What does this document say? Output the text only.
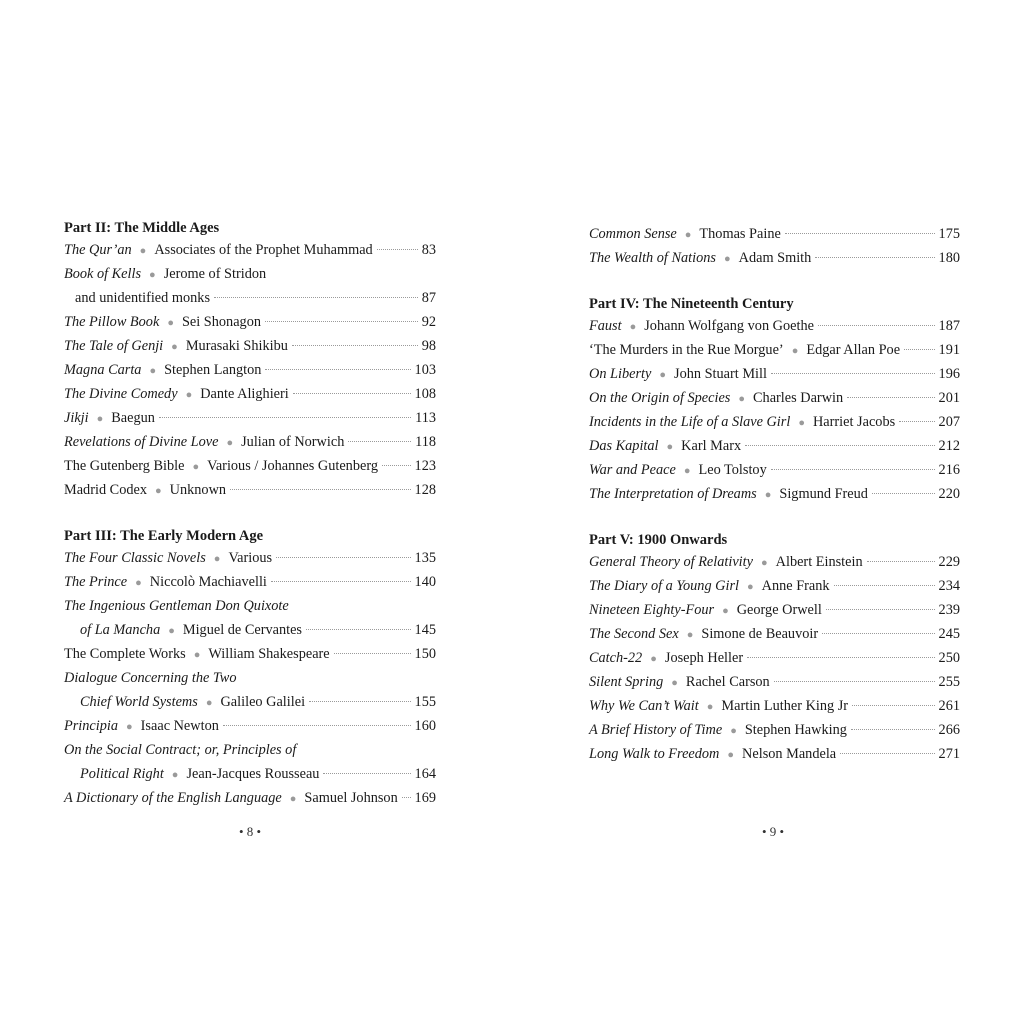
Part II: The Middle Ages
The Qur’an ● Associates of the Prophet Muhammad	83
Book of Kells ● Jerome of Stridon
and unidentified monks	87
The Pillow Book ● Sei Shonagon	92
The Tale of Genji ● Murasaki Shikibu	98
Magna Carta ● Stephen Langton	103
The Divine Comedy ● Dante Alighieri	108
Jikji ● Baegun	113
Revelations of Divine Love ● Julian of Norwich	118
The Gutenberg Bible ● Various / Johannes Gutenberg	123
Madrid Codex ● Unknown	128
Part III: The Early Modern Age
The Four Classic Novels ● Various	135
The Prince ● Niccolò Machiavelli	140
The Ingenious Gentleman Don Quixote
of La Mancha ● Miguel de Cervantes	145
The Complete Works ● William Shakespeare	150
Dialogue Concerning the Two
Chief World Systems ● Galileo Galilei	155
Principia ● Isaac Newton	160
On the Social Contract; or, Principles of
Political Right ● Jean-Jacques Rousseau	164
A Dictionary of the English Language ● Samuel Johnson 169
Common Sense ● Thomas Paine	175
The Wealth of Nations ● Adam Smith	180
Part IV: The Nineteenth Century
Faust ● Johann Wolfgang von Goethe	187
‘The Murders in the Rue Morgue’ ● Edgar Allan Poe	191
On Liberty ● John Stuart Mill	196
On the Origin of Species ● Charles Darwin	201
Incidents in the Life of a Slave Girl ● Harriet Jacobs	207
Das Kapital ● Karl Marx	212
War and Peace ● Leo Tolstoy	216
The Interpretation of Dreams ● Sigmund Freud	220
Part V: 1900 Onwards
General Theory of Relativity ● Albert Einstein	229
The Diary of a Young Girl ● Anne Frank	234
Nineteen Eighty-Four ● George Orwell	239
The Second Sex ● Simone de Beauvoir	245
Catch-22 ● Joseph Heller	250
Silent Spring ● Rachel Carson	255
Why We Can’t Wait ● Martin Luther King Jr	261
A Brief History of Time ● Stephen Hawking	266
Long Walk to Freedom ● Nelson Mandela	271
• 8 •	• 9 •
